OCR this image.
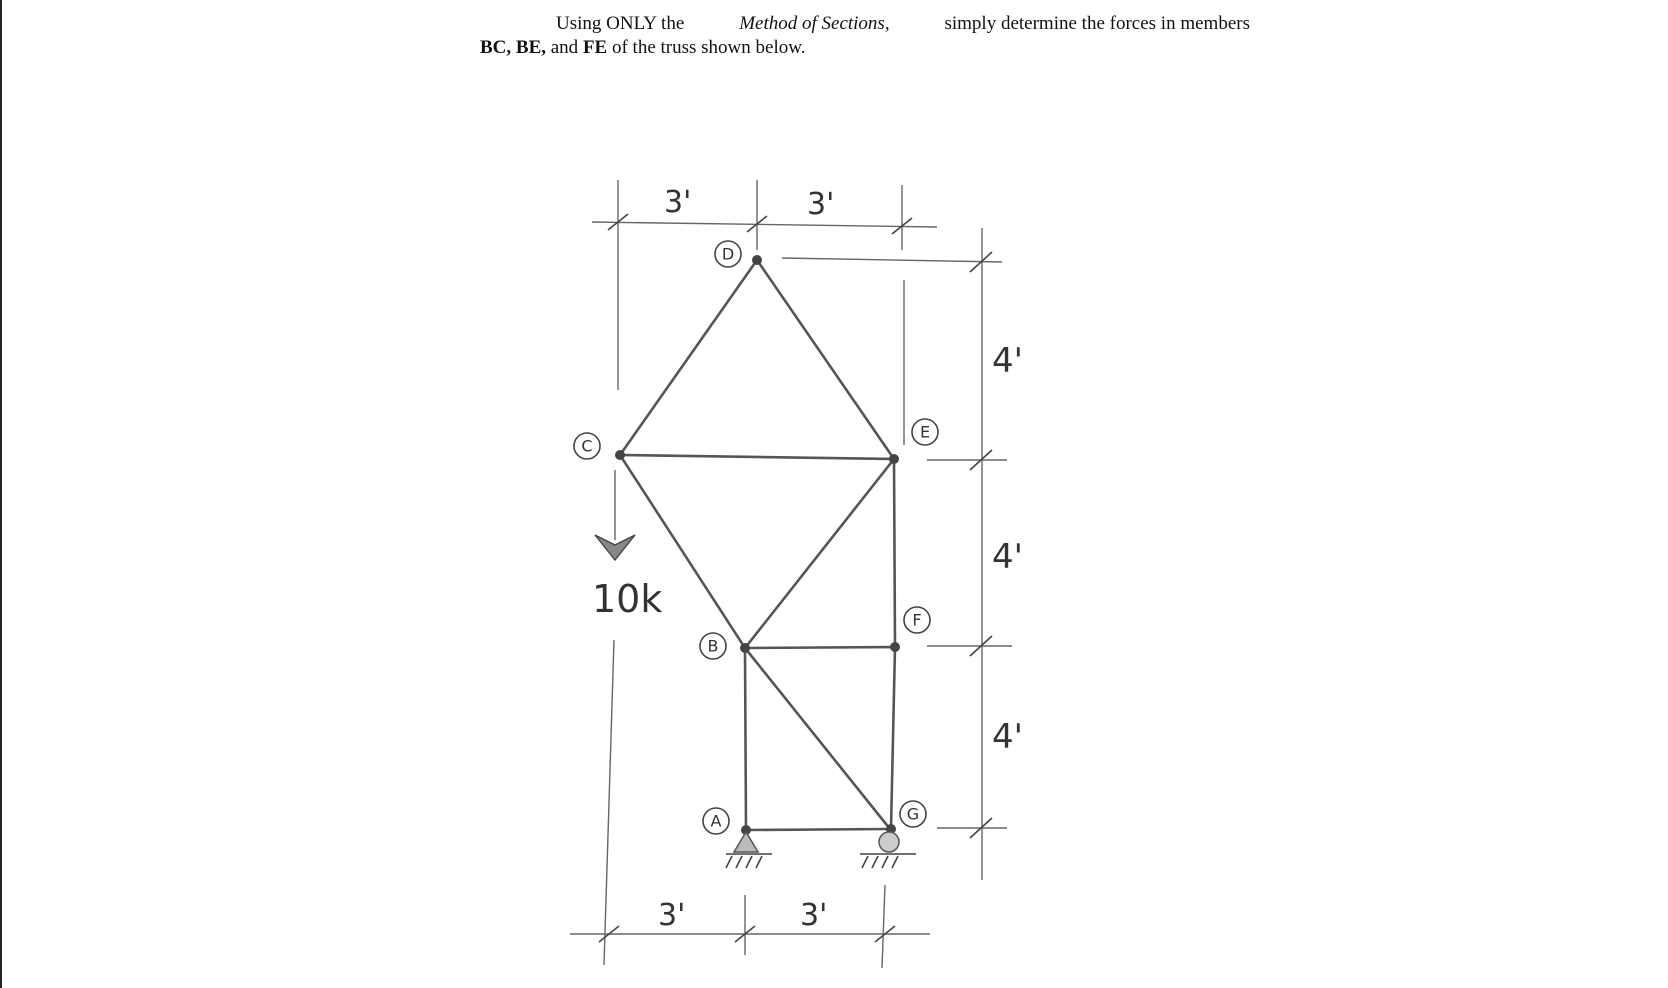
Using ONLY the	Method of Sections,	simply determine the forces in members
BC, BE, and FE of the truss shown below.
3'	3'
4'
4'
4'
3'	3'
D
C
E
B
F
A	G
10k
